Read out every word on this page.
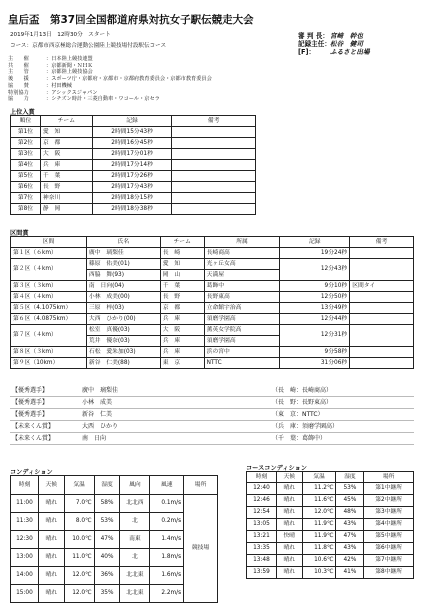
皇后盃　第37回全国都道府県対抗女子駅伝競走大会
2019年1月13日　12時30分　スタート
コース：京都市西京極総合運動公園陸上競技場付設駅伝コース
審 判 長：宮崎　幹也
記録主任：松谷　健司
[F]： ふるさと出場
主　　催	：日本陸上競技連盟
共　　催	：京都新聞・ＮＨＫ
主　　管	：京都陸上競技協会
後　　援	：スポーツ庁・京都府・京都市・京都府教育委員会・京都市教育委員会
協　　賛	：村田機械
特別協力	：アシックスジャパン
協　　力	：シチズン時計・三菱自動車・ワコール・京セラ
上位入賞
順位	チーム	記録	備考
第1位	愛　知	2時間15分43秒	
第2位	京　都	2時間16分45秒	
第3位	大　阪	2時間17分01秒	
第4位	兵　庫	2時間17分14秒	
第5位	千　葉	2時間17分26秒	
第6位	長　野	2時間17分43秒	
第7位	神奈川	2時間18分15秒	
第8位	静　岡	2時間18分38秒	
区間賞
区間	氏名	チーム	所属	記録	備考
第１区（６km）	廣中　璃梨佳	長　崎	長崎商高	19分24秒	
第２区（４km）	篠原　佑美(01)	愛　知	光ヶ丘女高	12分43秒	
	西脇　舞(93)	岡　山	天満屋		
第３区（３km）	南　日向(04)	千　葉	葛飾中	9分10秒	区間タイ
第４区（４km）	小林　成美(00)	長　野	長野東高	12分50秒	
第５区（4.1075km）	三原　梓(03)	京　都	立命館宇治高	13分49秒	
第６区（4.0875km）	大西　ひかり(00)	兵　庫	須磨学園高	12分44秒	
第７区（４km）	松室　真優(03)	大　阪	薫英女学院高	12分31秒	
	荒井　優奈(03)	兵　庫	須磨学園高		
第８区（３km）	石松　愛朱加(03)	兵　庫	浜の宮中	9分58秒	
第９区（10km）	新谷　仁美(88)	東　京	NTTC	31分06秒	
【優秀選手】	廣中　璃梨佳	（長　崎：長崎商高）
【優秀選手】	小林　成美	（長　野：長野東高）
【優秀選手】	新谷　仁美	（東　京：NTTC）
【未来くん賞】	大西　ひかり	（兵　庫：須磨学園高）
【未来くん賞】	南　日向	（千　葉：葛飾中）
コンディション
時刻	天候	気温	湿度	風向	風速	場所
11:00	晴れ	7.0℃	58%	北北西	0.1m/s	競技場
11:30	晴れ	8.0℃	53%	北	0.2m/s	
12:30	晴れ	10.0℃	47%	南東	1.4m/s	
13:00	晴れ	11.0℃	40%	北	1.8m/s	
14:00	晴れ	12.0℃	36%	北北東	1.6m/s	
15:00	晴れ	12.0℃	35%	北北東	2.2m/s	
コースコンディション
時刻	天候	気温	湿度	場所
12:40	晴れ	11.2℃	53%	第1中継所
12:46	晴れ	11.6℃	45%	第2中継所
12:54	晴れ	12.0℃	48%	第3中継所
13:05	晴れ	11.9℃	43%	第4中継所
13:21	快晴	11.9℃	47%	第5中継所
13:35	晴れ	11.8℃	43%	第6中継所
13:48	晴れ	10.6℃	42%	第7中継所
13:59	晴れ	10.3℃	41%	第8中継所
